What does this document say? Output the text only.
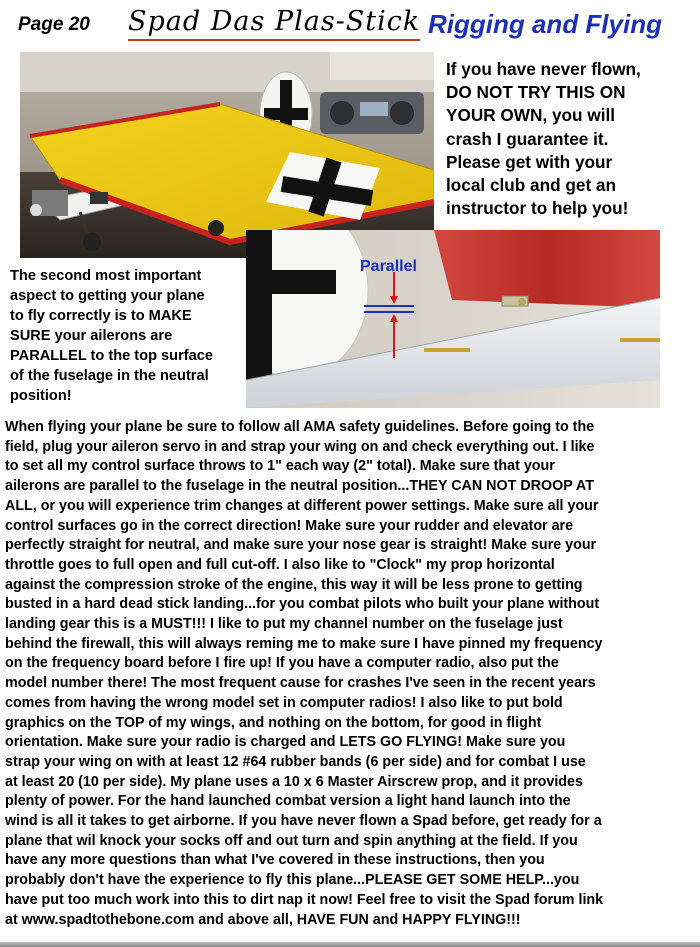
Page 20 Spad Das Plas-Stick Rigging and Flying
If you have never flown,
DO NOT TRY THIS ON
YOUR OWN, you will
crash I guarantee it.
Please get with your
local club and get an
instructor to help you!
Parallel
The second most important
aspect to getting your plane
to fly correctly is to MAKE
SURE your ailerons are
PARALLEL to the top surface
of the fuselage in the neutral
position!
When flying your plane be sure to follow all AMA safety guidelines. Before going to the
field, plug your aileron servo in and strap your wing on and check everything out. I like
to set all my control surface throws to 1" each way (2" total). Make sure that your
ailerons are parallel to the fuselage in the neutral position...THEY CAN NOT DROOP AT
ALL, or you will experience trim changes at different power settings. Make sure all your
control surfaces go in the correct direction! Make sure your rudder and elevator are
perfectly straight for neutral, and make sure your nose gear is straight! Make sure your
throttle goes to full open and full cut-off. I also like to "Clock" my prop horizontal
against the compression stroke of the engine, this way it will be less prone to getting
busted in a hard dead stick landing...for you combat pilots who built your plane without
landing gear this is a MUST!!! I like to put my channel number on the fuselage just
behind the firewall, this will always reming me to make sure I have pinned my frequency
on the frequency board before I fire up! If you have a computer radio, also put the
model number there! The most frequent cause for crashes I've seen in the recent years
comes from having the wrong model set in computer radios! I also like to put bold
graphics on the TOP of my wings, and nothing on the bottom, for good in flight
orientation. Make sure your radio is charged and LETS GO FLYING! Make sure you
strap your wing on with at least 12 #64 rubber bands (6 per side) and for combat I use
at least 20 (10 per side). My plane uses a 10 x 6 Master Airscrew prop, and it provides
plenty of power. For the hand launched combat version a light hand launch into the
wind is all it takes to get airborne. If you have never flown a Spad before, get ready for a
plane that wil knock your socks off and out turn and spin anything at the field. If you
have any more questions than what I've covered in these instructions, then you
probably don't have the experience to fly this plane...PLEASE GET SOME HELP...you
have put too much work into this to dirt nap it now! Feel free to visit the Spad forum link
at www.spadtothebone.com and above all, HAVE FUN and HAPPY FLYING!!!
